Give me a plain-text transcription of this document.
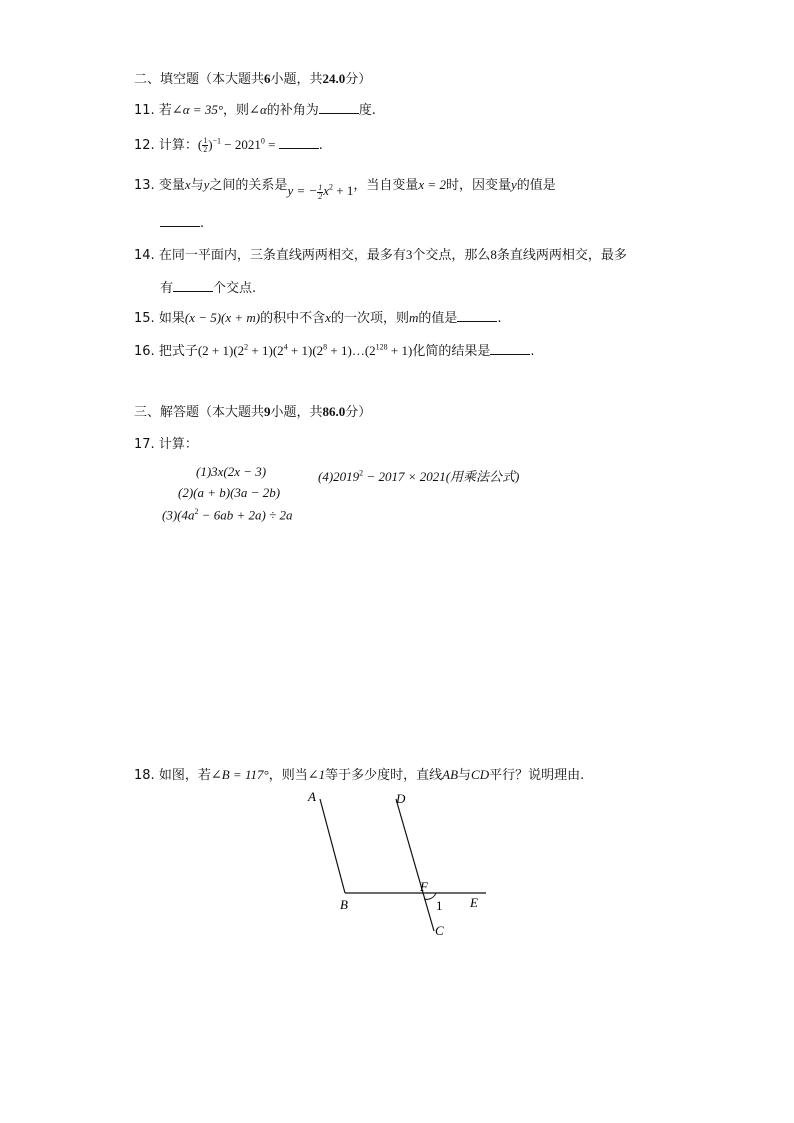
二、填空题（本大题共6小题，共24.0分）
11. 若∠α = 35°，则∠α的补角为	度.
12. 计算：( $\frac{1}{2} )^{-1} - 2021^0$ =	.
13. 变量x与y之间的关系是y = − $\frac{1}{2} x^2 + 1$，当自变量x = 2时，因变量y的值是
.
14. 在同一平面内，三条直线两两相交，最多有3个交点，那么8条直线两两相交，最多
有	个交点.
15. 如果(x − 5)(x + m)的积中不含x的一次项，则m的值是	.
16. 把式子$(2 + 1)(2^2 + 1)(2^4 + 1)(2^8$ + $1)\dots(2^{128} + 1)$化简的结果是	.
三、解答题（本大题共9小题，共86.0分）
17. 计算：
(1)3x(2x − 3)	$(4)2019^2 - 2017 \times 2021$(用乘法公式)
(2)(a + b)(3a − 2b)
$(3)(4a^2 - 6ab + 2a) \div 2a$
18. 如图，若∠B = 117°，则当∠1等于多少度时，直线AB与CD平行？说明理由.
A	D
F
B	1 E
C
